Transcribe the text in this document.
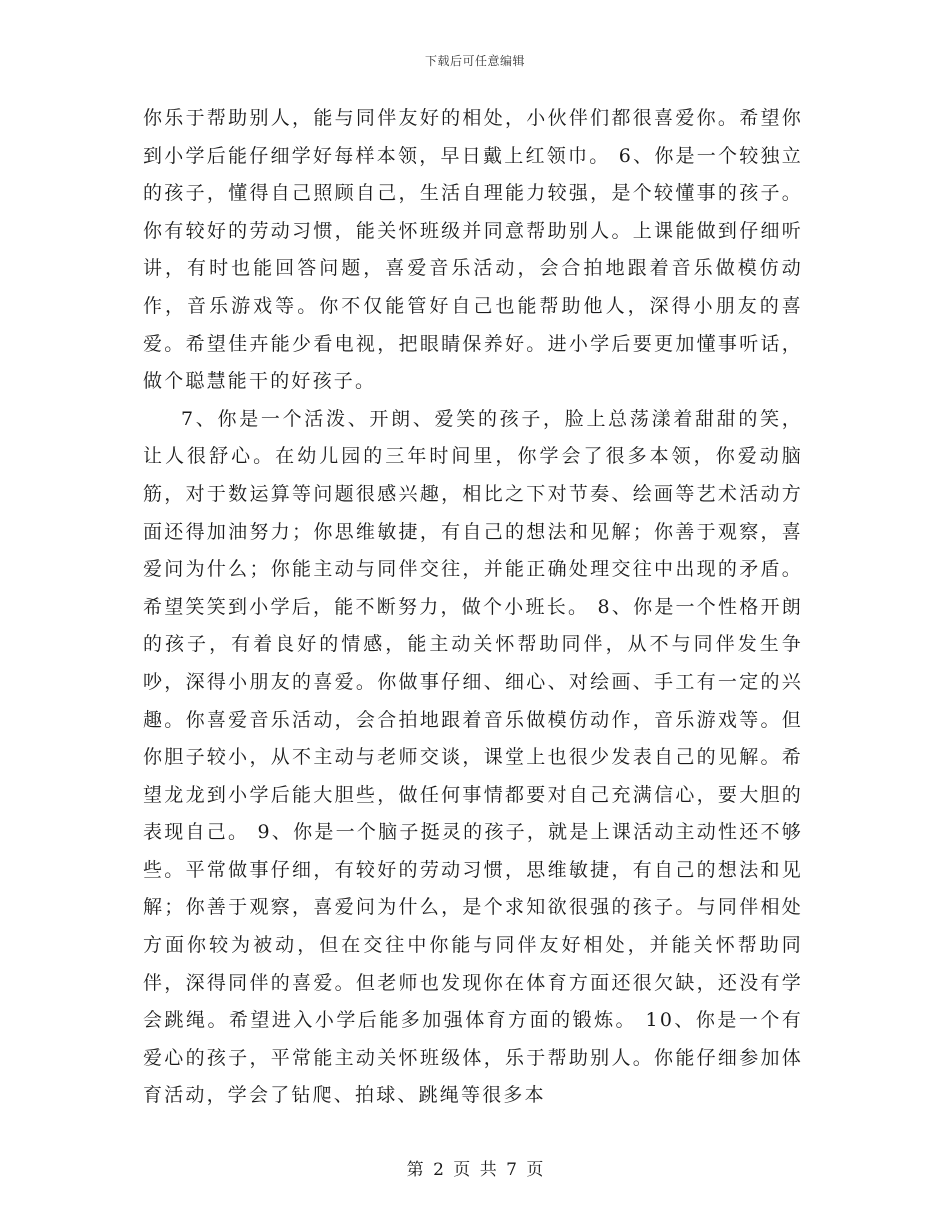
下载后可任意编辑

你乐于帮助别人，能与同伴友好的相处，小伙伴们都很喜爱你。希望你到小学后能仔细学好每样本领，早日戴上红领巾。 6、你是一个较独立的孩子，懂得自己照顾自己，生活自理能力较强，是个较懂事的孩子。你有较好的劳动习惯，能关怀班级并同意帮助别人。上课能做到仔细听讲，有时也能回答问题，喜爱音乐活动，会合拍地跟着音乐做模仿动作，音乐游戏等。你不仅能管好自己也能帮助他人，深得小朋友的喜爱。希望佳卉能少看电视，把眼睛保养好。进小学后要更加懂事听话，做个聪慧能干的好孩子。

7、你是一个活泼、开朗、爱笑的孩子，脸上总荡漾着甜甜的笑，让人很舒心。在幼儿园的三年时间里，你学会了很多本领，你爱动脑筋，对于数运算等问题很感兴趣，相比之下对节奏、绘画等艺术活动方面还得加油努力；你思维敏捷，有自己的想法和见解；你善于观察，喜爱问为什么；你能主动与同伴交往，并能正确处理交往中出现的矛盾。希望笑笑到小学后，能不断努力，做个小班长。 8、你是一个性格开朗的孩子，有着良好的情感，能主动关怀帮助同伴，从不与同伴发生争吵，深得小朋友的喜爱。你做事仔细、细心、对绘画、手工有一定的兴趣。你喜爱音乐活动，会合拍地跟着音乐做模仿动作，音乐游戏等。但你胆子较小，从不主动与老师交谈，课堂上也很少发表自己的见解。希望龙龙到小学后能大胆些，做任何事情都要对自己充满信心，要大胆的表现自己。 9、你是一个脑子挺灵的孩子，就是上课活动主动性还不够些。平常做事仔细，有较好的劳动习惯，思维敏捷，有自己的想法和见解；你善于观察，喜爱问为什么，是个求知欲很强的孩子。与同伴相处方面你较为被动，但在交往中你能与同伴友好相处，并能关怀帮助同伴，深得同伴的喜爱。但老师也发现你在体育方面还很欠缺，还没有学会跳绳。希望进入小学后能多加强体育方面的锻炼。 10、你是一个有爱心的孩子，平常能主动关怀班级体，乐于帮助别人。你能仔细参加体育活动，学会了钻爬、拍球、跳绳等很多本

第 2 页 共 7 页
